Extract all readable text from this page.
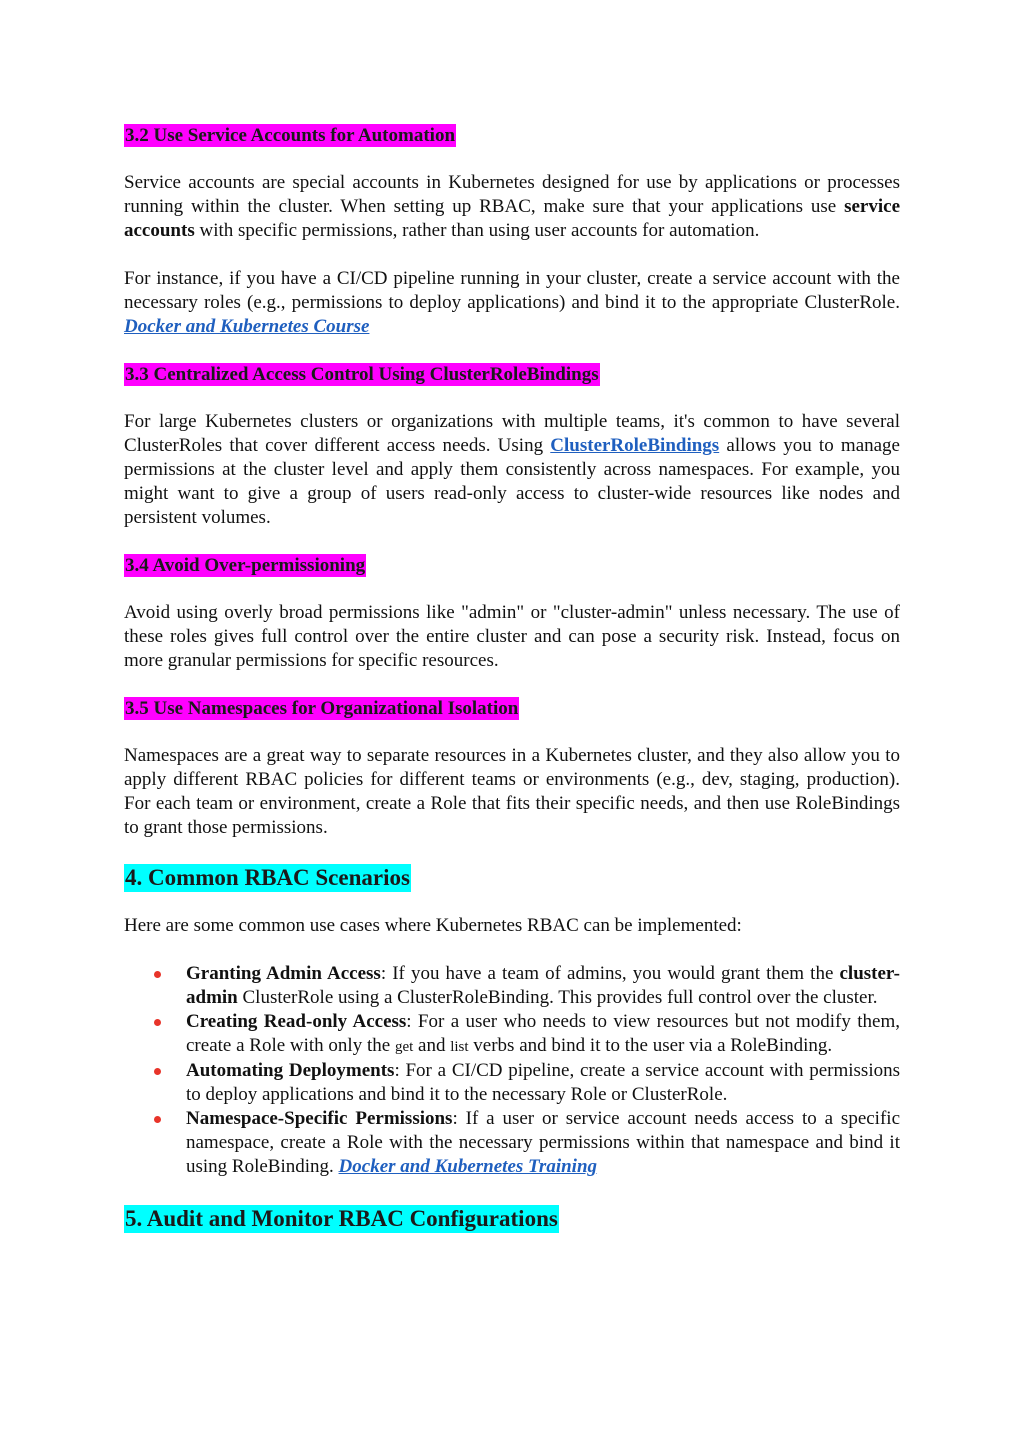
3.2 Use Service Accounts for Automation

Service accounts are special accounts in Kubernetes designed for use by applications or processes running within the cluster. When setting up RBAC, make sure that your applications use service accounts with specific permissions, rather than using user accounts for automation.

For instance, if you have a CI/CD pipeline running in your cluster, create a service account with the necessary roles (e.g., permissions to deploy applications) and bind it to the appropriate ClusterRole. Docker and Kubernetes Course

3.3 Centralized Access Control Using ClusterRoleBindings

For large Kubernetes clusters or organizations with multiple teams, it's common to have several ClusterRoles that cover different access needs. Using ClusterRoleBindings allows you to manage permissions at the cluster level and apply them consistently across namespaces. For example, you might want to give a group of users read-only access to cluster-wide resources like nodes and persistent volumes.

3.4 Avoid Over-permissioning

Avoid using overly broad permissions like "admin" or "cluster-admin" unless necessary. The use of these roles gives full control over the entire cluster and can pose a security risk. Instead, focus on more granular permissions for specific resources.

3.5 Use Namespaces for Organizational Isolation

Namespaces are a great way to separate resources in a Kubernetes cluster, and they also allow you to apply different RBAC policies for different teams or environments (e.g., dev, staging, production). For each team or environment, create a Role that fits their specific needs, and then use RoleBindings to grant those permissions.

4. Common RBAC Scenarios

Here are some common use cases where Kubernetes RBAC can be implemented:

Granting Admin Access: If you have a team of admins, you would grant them the cluster-admin ClusterRole using a ClusterRoleBinding. This provides full control over the cluster.

Creating Read-only Access: For a user who needs to view resources but not modify them, create a Role with only the get and list verbs and bind it to the user via a RoleBinding.

Automating Deployments: For a CI/CD pipeline, create a service account with permissions to deploy applications and bind it to the necessary Role or ClusterRole.

Namespace-Specific Permissions: If a user or service account needs access to a specific namespace, create a Role with the necessary permissions within that namespace and bind it using RoleBinding. Docker and Kubernetes Training

5. Audit and Monitor RBAC Configurations
